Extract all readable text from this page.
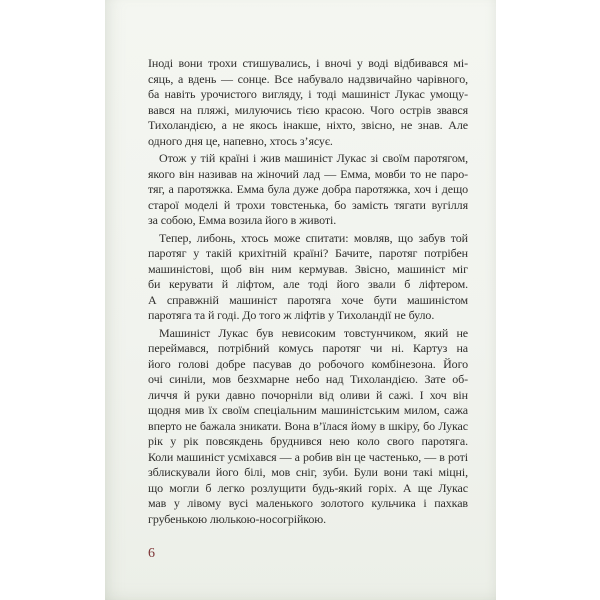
Іноді вони трохи стишувались, і вночі у воді відбивався мі-
сяць, а вдень — сонце. Все набувало надзвичайно чарівного,
ба навіть урочистого вигляду, і тоді машиніст Лукас умощу-
вався на пляжі, милуючись тією красою. Чого острів звався
Тихоландією, а не якось інакше, ніхто, звісно, не знав. Але
одного дня це, напевно, хтось з’ясує.
Отож у тій країні і жив машиніст Лукас зі своїм паротягом,
якого він називав на жіночий лад — Емма, мовби то не паро-
тяг, а паротяжка. Емма була дуже добра паротяжка, хоч і дещо
старої моделі й трохи товстенька, бо замість тягати вугілля
за собою, Емма возила його в животі.
Тепер, либонь, хтось може спитати: мовляв, що забув той
паротяг у такій крихітній країні? Бачите, паротяг потрібен
машиністові, щоб він ним кермував. Звісно, машиніст міг
би керувати й ліфтом, але тоді його звали б ліфтером.
А справжній машиніст паротяга хоче бути машиністом
паротяга та й годі. До того ж ліфтів у Тихоландії не було.
Машиніст Лукас був невисоким товстунчиком, який не
переймався, потрібний комусь паротяг чи ні. Картуз на
його голові добре пасував до робочого комбінезона. Його
очі синіли, мов безхмарне небо над Тихоландією. Зате об-
личчя й руки давно почорніли від оливи й сажі. І хоч він
щодня мив їх своїм спеціальним машиністським милом, сажа
вперто не бажала зникати. Вона в’їлася йому в шкіру, бо Лукас
рік у рік повсякдень бруднився нею коло свого паротяга.
Коли машиніст усміхався — а робив він це частенько, — в роті
зблискували його білі, мов сніг, зуби. Були вони такі міцні,
що могли б легко розлущити будь-який горіх. А ще Лукас
мав у лівому вусі маленького золотого кульчика і пахкав
грубенькою люлькою-носогрійкою.
6
